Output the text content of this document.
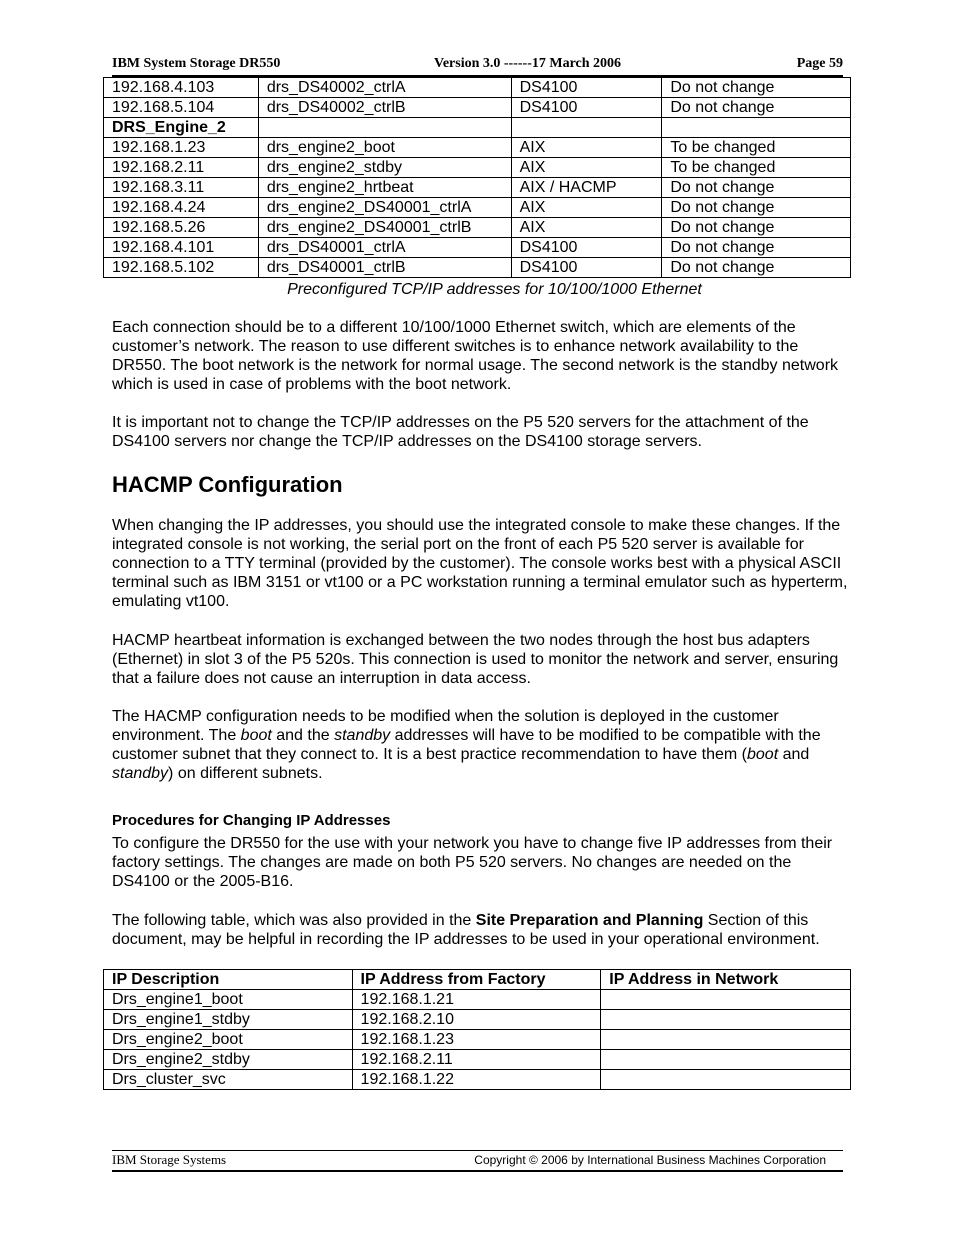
IBM System Storage DR550	Version 3.0 ------17 March 2006	Page 59
192.168.4.103	drs_DS40002_ctrlA	DS4100	Do not change
192.168.5.104	drs_DS40002_ctrlB	DS4100	Do not change
DRS_Engine_2			
192.168.1.23	drs_engine2_boot	AIX	To be changed
192.168.2.11	drs_engine2_stdby	AIX	To be changed
192.168.3.11	drs_engine2_hrtbeat	AIX / HACMP	Do not change
192.168.4.24	drs_engine2_DS40001_ctrlA	AIX	Do not change
192.168.5.26	drs_engine2_DS40001_ctrlB	AIX	Do not change
192.168.4.101	drs_DS40001_ctrlA	DS4100	Do not change
192.168.5.102	drs_DS40001_ctrlB	DS4100	Do not change
Preconfigured TCP/IP addresses for 10/100/1000 Ethernet

Each connection should be to a different 10/100/1000 Ethernet switch, which are elements of the customer’s network. The reason to use different switches is to enhance network availability to the DR550. The boot network is the network for normal usage. The second network is the standby network which is used in case of problems with the boot network.

It is important not to change the TCP/IP addresses on the P5 520 servers for the attachment of the DS4100 servers nor change the TCP/IP addresses on the DS4100 storage servers.

HACMP Configuration

When changing the IP addresses, you should use the integrated console to make these changes. If the integrated console is not working, the serial port on the front of each P5 520 server is available for connection to a TTY terminal (provided by the customer). The console works best with a physical ASCII terminal such as IBM 3151 or vt100 or a PC workstation running a terminal emulator such as hyperterm, emulating vt100.

HACMP heartbeat information is exchanged between the two nodes through the host bus adapters (Ethernet) in slot 3 of the P5 520s. This connection is used to monitor the network and server, ensuring that a failure does not cause an interruption in data access.

The HACMP configuration needs to be modified when the solution is deployed in the customer environment. The boot and the standby addresses will have to be modified to be compatible with the customer subnet that they connect to. It is a best practice recommendation to have them (boot and standby) on different subnets.

Procedures for Changing IP Addresses

To configure the DR550 for the use with your network you have to change five IP addresses from their factory settings. The changes are made on both P5 520 servers. No changes are needed on the DS4100 or the 2005-B16.

The following table, which was also provided in the Site Preparation and Planning Section of this document, may be helpful in recording the IP addresses to be used in your operational environment.

IP Description	IP Address from Factory	IP Address in Network
Drs_engine1_boot	192.168.1.21	
Drs_engine1_stdby	192.168.2.10	
Drs_engine2_boot	192.168.1.23	
Drs_engine2_stdby	192.168.2.11	
Drs_cluster_svc	192.168.1.22	
IBM Storage Systems	Copyright © 2006 by International Business Machines Corporation
